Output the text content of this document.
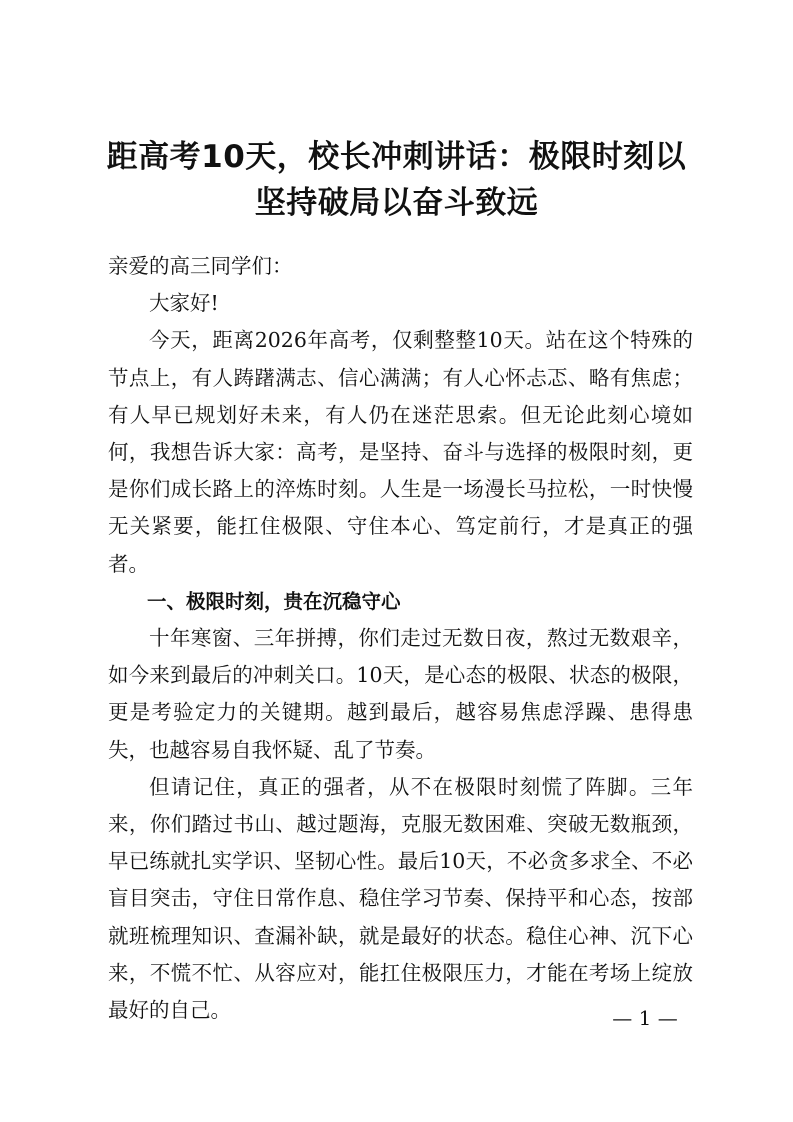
距高考10天，校长冲刺讲话：极限时刻以
坚持破局以奋斗致远

亲爱的高三同学们：

大家好!

今天，距离2026年高考，仅剩整整10天。站在这个特殊的节点上，有人踌躇满志、信心满满；有人心怀忐忑、略有焦虑；有人早已规划好未来，有人仍在迷茫思索。但无论此刻心境如何，我想告诉大家：高考，是坚持、奋斗与选择的极限时刻，更是你们成长路上的淬炼时刻。人生是一场漫长马拉松，一时快慢无关紧要，能扛住极限、守住本心、笃定前行，才是真正的强者。

一、极限时刻，贵在沉稳守心

十年寒窗、三年拼搏，你们走过无数日夜，熬过无数艰辛，如今来到最后的冲刺关口。10天，是心态的极限、状态的极限，更是考验定力的关键期。越到最后，越容易焦虑浮躁、患得患失，也越容易自我怀疑、乱了节奏。

但请记住，真正的强者，从不在极限时刻慌了阵脚。三年来，你们踏过书山、越过题海，克服无数困难、突破无数瓶颈，早已练就扎实学识、坚韧心性。最后10天，不必贪多求全、不必盲目突击，守住日常作息、稳住学习节奏、保持平和心态，按部就班梳理知识、查漏补缺，就是最好的状态。稳住心神、沉下心来，不慌不忙、从容应对，能扛住极限压力，才能在考场上绽放最好的自己。	— 1 —
